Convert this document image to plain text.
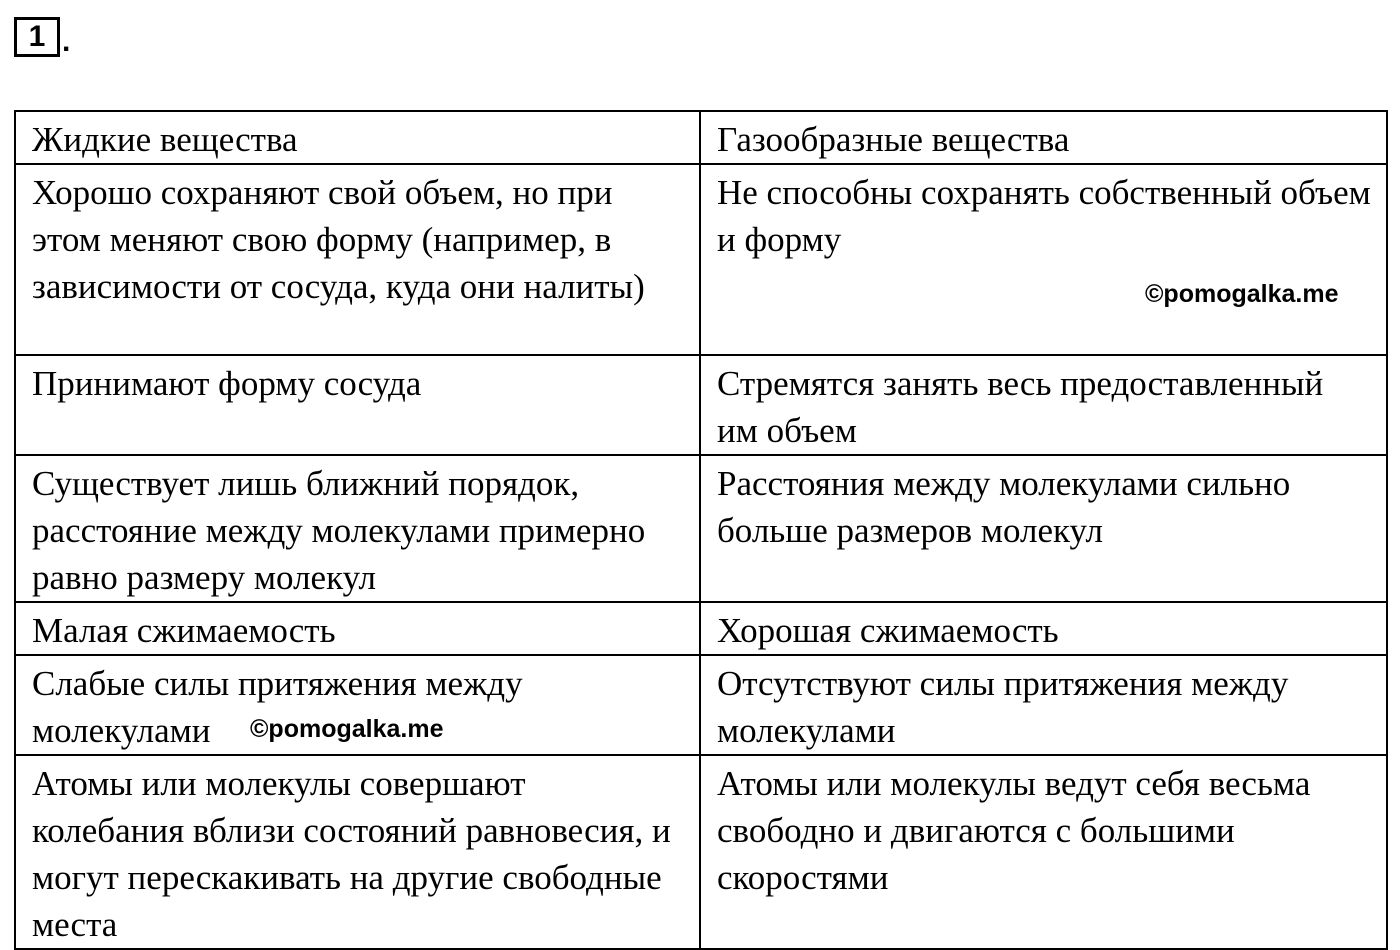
1 .
Жидкие вещества	Газообразные вещества
Хорошо сохраняют свой объем, но при этом меняют свою форму (например, в зависимости от сосуда, куда они налиты)	Не способны сохранять собственный объем и форму
Принимают форму сосуда	Стремятся занять весь предоставленный им объем
Существует лишь ближний порядок, расстояние между молекулами примерно равно размеру молекул	Расстояния между молекулами сильно больше размеров молекул
Малая сжимаемость	Хорошая сжимаемость
Слабые силы притяжения между молекулами	Отсутствуют силы притяжения между молекулами
Атомы или молекулы совершают колебания вблизи состояний равновесия, и могут перескакивать на другие свободные места	Атомы или молекулы ведут себя весьма свободно и двигаются с большими скоростями
©pomogalka.me
©pomogalka.me
